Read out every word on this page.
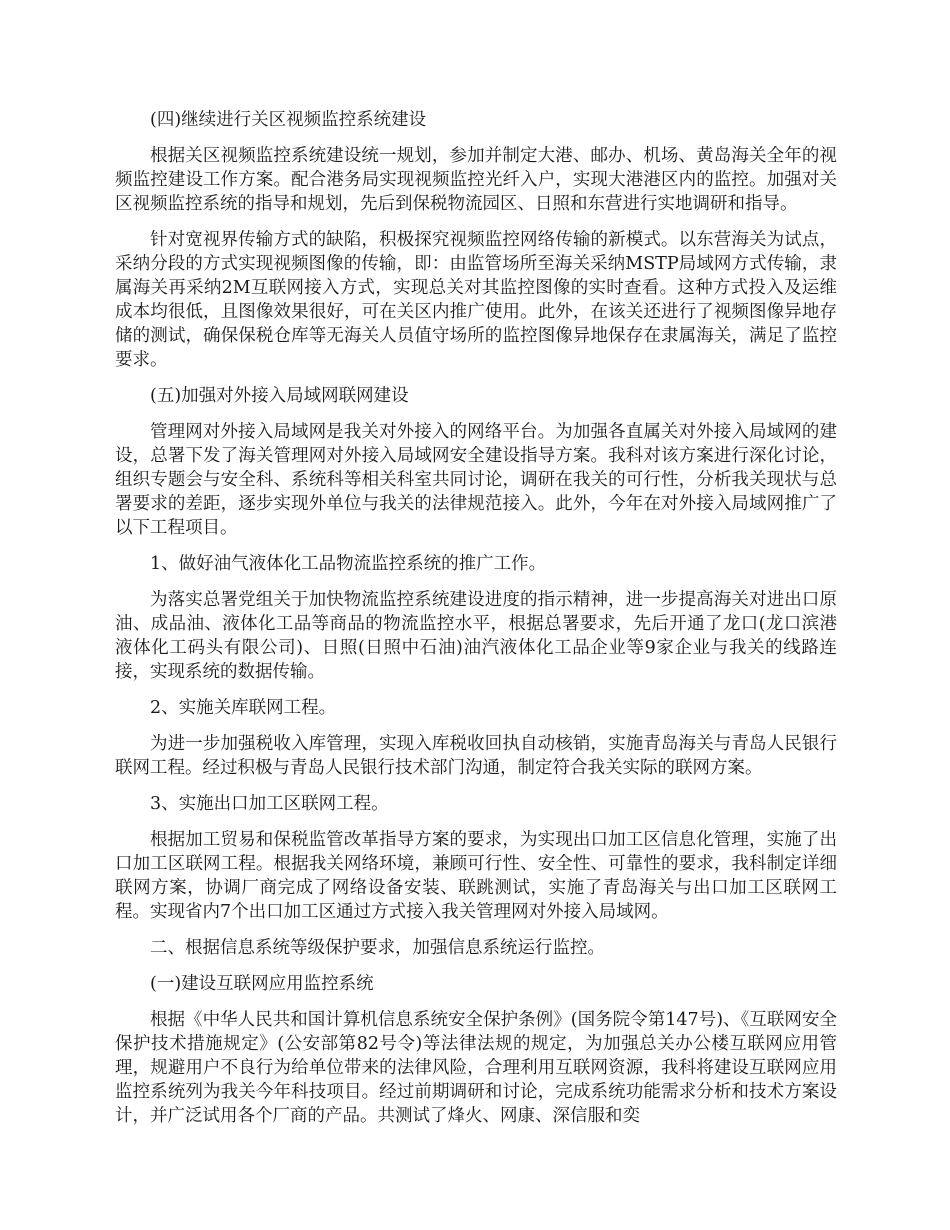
(四)继续进行关区视频监控系统建设

根据关区视频监控系统建设统一规划，参加并制定大港、邮办、机场、黄岛海关全年的视频监控建设工作方案。配合港务局实现视频监控光纤入户，实现大港港区内的监控。加强对关区视频监控系统的指导和规划，先后到保税物流园区、日照和东营进行实地调研和指导。

针对宽视界传输方式的缺陷，积极探究视频监控网络传输的新模式。以东营海关为试点，采纳分段的方式实现视频图像的传输，即：由监管场所至海关采纳MSTP局域网方式传输，隶属海关再采纳2M互联网接入方式，实现总关对其监控图像的实时查看。这种方式投入及运维成本均很低，且图像效果很好，可在关区内推广使用。此外，在该关还进行了视频图像异地存储的测试，确保保税仓库等无海关人员值守场所的监控图像异地保存在隶属海关，满足了监控要求。

(五)加强对外接入局域网联网建设

管理网对外接入局域网是我关对外接入的网络平台。为加强各直属关对外接入局域网的建设，总署下发了海关管理网对外接入局域网安全建设指导方案。我科对该方案进行深化讨论，组织专题会与安全科、系统科等相关科室共同讨论，调研在我关的可行性，分析我关现状与总署要求的差距，逐步实现外单位与我关的法律规范接入。此外，今年在对外接入局域网推广了以下工程项目。

1、做好油气液体化工品物流监控系统的推广工作。

为落实总署党组关于加快物流监控系统建设进度的指示精神，进一步提高海关对进出口原油、成品油、液体化工品等商品的物流监控水平，根据总署要求，先后开通了龙口(龙口滨港液体化工码头有限公司)、日照(日照中石油)油汽液体化工品企业等9家企业与我关的线路连接，实现系统的数据传输。

2、实施关库联网工程。

为进一步加强税收入库管理，实现入库税收回执自动核销，实施青岛海关与青岛人民银行联网工程。经过积极与青岛人民银行技术部门沟通，制定符合我关实际的联网方案。

3、实施出口加工区联网工程。

根据加工贸易和保税监管改革指导方案的要求，为实现出口加工区信息化管理，实施了出口加工区联网工程。根据我关网络环境，兼顾可行性、安全性、可靠性的要求，我科制定详细联网方案，协调厂商完成了网络设备安装、联跳测试，实施了青岛海关与出口加工区联网工程。实现省内7个出口加工区通过方式接入我关管理网对外接入局域网。

二、根据信息系统等级保护要求，加强信息系统运行监控。

(一)建设互联网应用监控系统

根据《中华人民共和国计算机信息系统安全保护条例》(国务院令第147号)、《互联网安全保护技术措施规定》(公安部第82号令)等法律法规的规定，为加强总关办公楼互联网应用管理，规避用户不良行为给单位带来的法律风险，合理利用互联网资源，我科将建设互联网应用监控系统列为我关今年科技项目。经过前期调研和讨论，完成系统功能需求分析和技术方案设计，并广泛试用各个厂商的产品。共测试了烽火、网康、深信服和奕
